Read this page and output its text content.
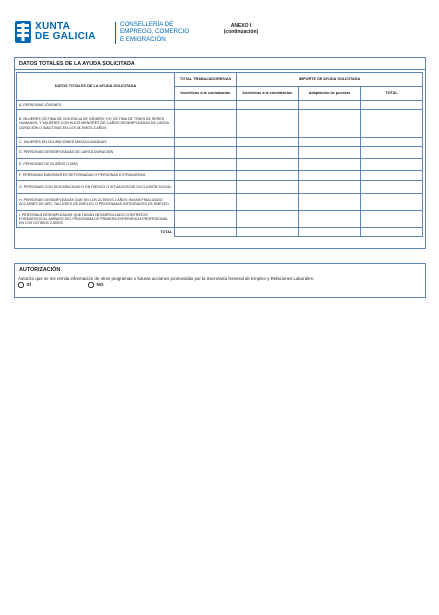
XUNTA
DE GALICIA
CONSELLERÍA DE
EMPREGO, COMERCIO
E EMIGRACIÓN
ANEXO I
(continuación)
DATOS TOTALES DE LA AYUDA SOLICITADA
DATOS TOTALES DE LA AYUDA SOLICITADA	TOTAL TRABAJADORES/AS	IMPORTE DE AYUDA SOLICITADA		
	Incentivos a la contratación	Incentivos a la contratación	Adaptación de puestos	TOTAL
A. PERSONAS JÓVENES				
B. MUJERES VÍCTIMA DE VIOLENCIA DE GÉNERO Y/O VÍCTIMA DE TRATA DE SERES HUMANOS, Y MUJERES CON HIJOS MENORES DE 3 AÑOS DESEMPLEADAS DE LARGA DURACIÓN O INACTIVAS EN LOS ÚLTIMOS 3 AÑOS				
C. MUJERES EN OCUPACIONES MASCULINIZADAS				
D. PERSONAS DESEMPLEADAS DE LARGA DURACIÓN				
E. PERSONAS DE 52 AÑOS O MÁS				
F. PERSONAS EMIGRANTES RETORNADAS O PERSONAS EXTRANJERAS				
G. PERSONAS CON DISCAPACIDAD O EN RIESGO O SITUACIÓN DE EXCLUSIÓN SOCIAL				
H. PERSONAS DESEMPLEADAS QUE EN LOS ÚLTIMOS 2 AÑOS HAYAN FINALIZADO ACCIONES DE APD, TALLERES DE EMPLEO O PROGRAMAS INTEGRADOS DE EMPLEO				
I. PERSONAS DESEMPLEADAS QUE HAYAN DESARROLLADO CONTRATOS FORMATIVOS AL AMPARO DEL PROGRAMA DE PRIMERA EXPERIENCIA PROFESIONAL EN LOS ÚLTIMOS 2 AÑOS				
TOTAL				
AUTORIZACIÓN
Autorizo que se me remita información de otros programas o futuras acciones promovidas por la Secretaría General de Empleo y Relaciones Laborales:
SÍ	NO
